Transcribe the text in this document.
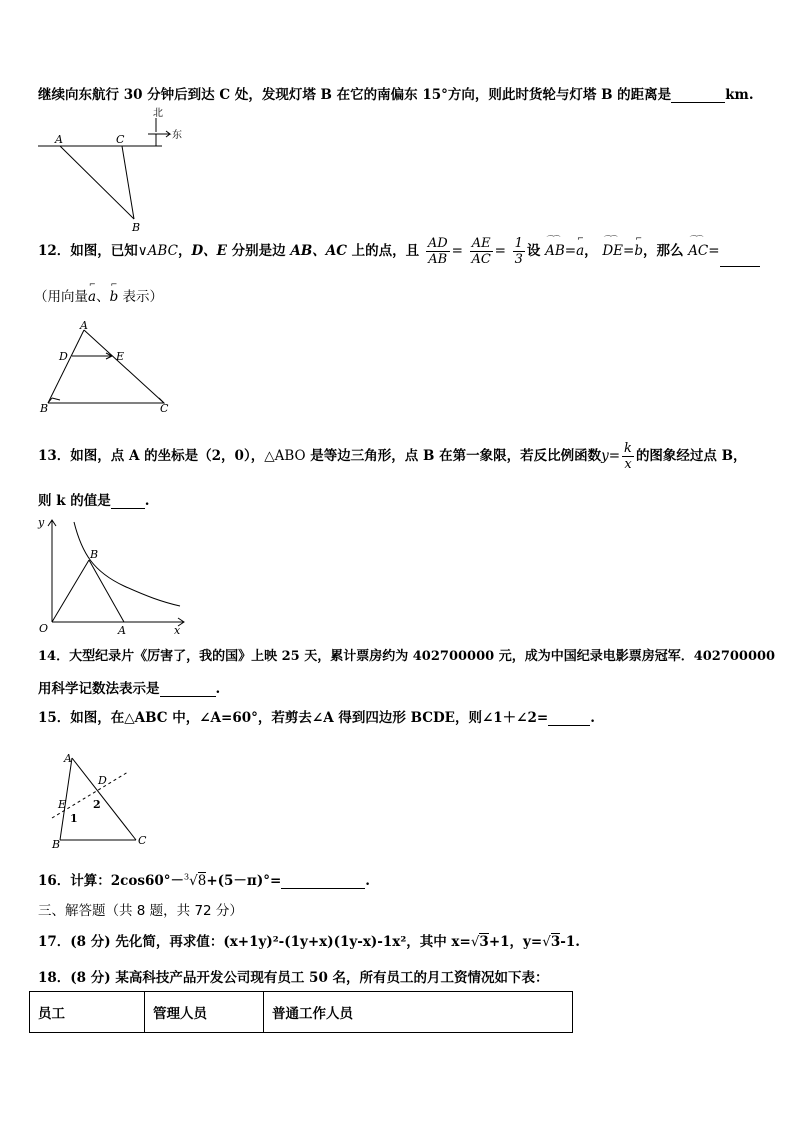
继续向东航行 30 分钟后到达 C 处，发现灯塔 B 在它的南偏东 15°方向，则此时货轮与灯塔 B 的距离是	km.
北
东
A	C
B
12．如图，已知∨ABC，D、E 分别是边 AB、AC 上的点，且 $\frac{AD}{AB} = \frac{AE}{AC} = \frac{1}{3}$ 设 ⌒⌒ AB=⌐ a， ⌒⌒ DE=⌐ b，那么 ⌒⌒ AC=
（用向量⌐ a、⌐ b 表示）
A
D	E
B	C
13．如图，点 A 的坐标是（2，0），△ABO 是等边三角形，点 B 在第一象限，若反比例函数$y= \frac{k}{x}$ 的图象经过点 B，
则 k 的值是	.
y
x
O	A
B
14．大型纪录片《厉害了，我的国》上映 25 天，累计票房约为 402700000 元，成为中国纪录电影票房冠军．402700000
用科学记数法表示是	.
15．如图，在△ABC 中，∠A=60°，若剪去∠A 得到四边形 BCDE，则∠1＋∠2=	.
A
D
E
B	C
1
2
16．计算：2cos60°－$^3$√8+(5－π)°=	.
三、解答题（共 8 题，共 72 分）
17．(8 分) 先化简，再求值：(x+1y)²-(1y+x)(1y-x)-1x²，其中 x=√3+1，y=√3-1.
18．(8 分) 某高科技产品开发公司现有员工 50 名，所有员工的月工资情况如下表：
员工	管理人员	普通工作人员
